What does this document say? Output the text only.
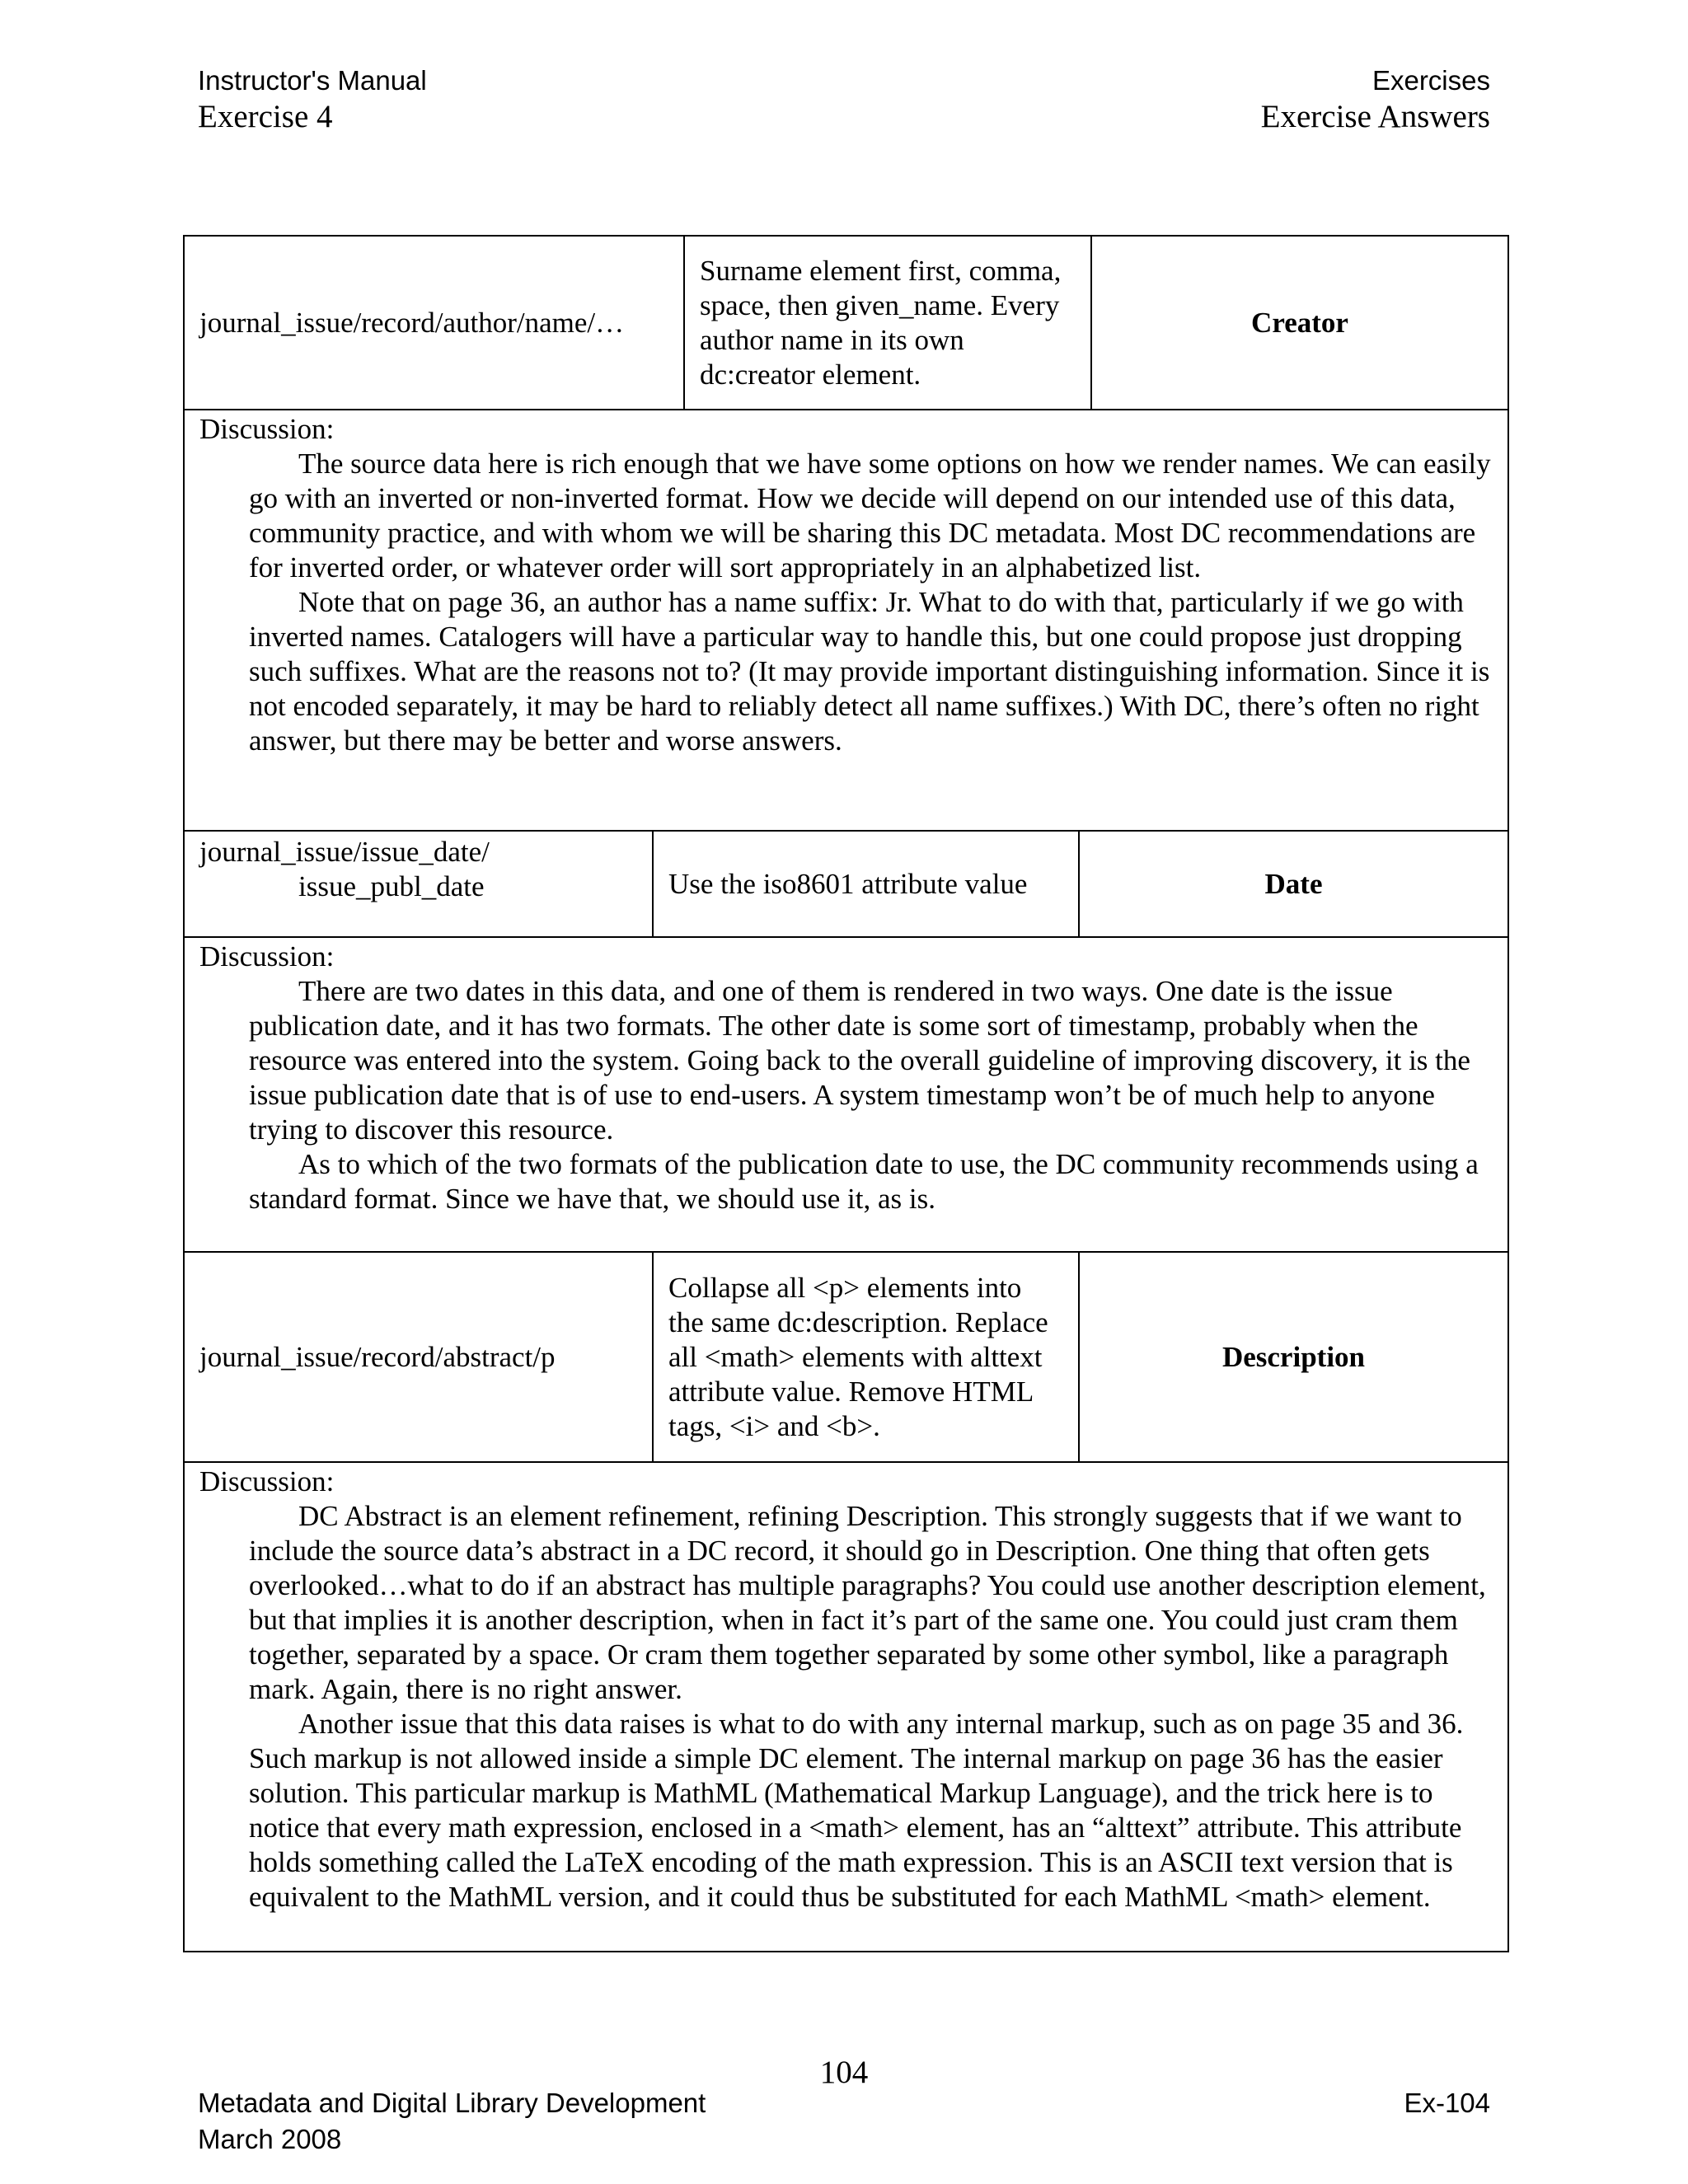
Instructor's Manual
Exercise 4
Exercises
Exercise Answers
journal_issue/record/author/name/…
Surname element first, comma, space, then given_name. Every author name in its own dc:creator element.
Creator
Discussion:

The source data here is rich enough that we have some options on how we render names. We can easily go with an inverted or non-inverted format. How we decide will depend on our intended use of this data, community practice, and with whom we will be sharing this DC metadata. Most DC recommendations are for inverted order, or whatever order will sort appropriately in an alphabetized list.

Note that on page 36, an author has a name suffix: Jr. What to do with that, particularly if we go with inverted names. Catalogers will have a particular way to handle this, but one could propose just dropping such suffixes. What are the reasons not to? (It may provide important distinguishing information. Since it is not encoded separately, it may be hard to reliably detect all name suffixes.) With DC, there’s often no right answer, but there may be better and worse answers.

journal_issue/issue_date/
issue_publ_date	Use the iso8601 attribute value	Date
Discussion:

There are two dates in this data, and one of them is rendered in two ways. One date is the issue publication date, and it has two formats. The other date is some sort of timestamp, probably when the resource was entered into the system. Going back to the overall guideline of improving discovery, it is the issue publication date that is of use to end-users. A system timestamp won’t be of much help to anyone trying to discover this resource.

As to which of the two formats of the publication date to use, the DC community recommends using a standard format. Since we have that, we should use it, as is.

journal_issue/record/abstract/p
Collapse all <p> elements into the same dc:description. Replace all <math> elements with alttext attribute value. Remove HTML tags, <i> and <b>.
Description
Discussion:

DC Abstract is an element refinement, refining Description. This strongly suggests that if we want to include the source data’s abstract in a DC record, it should go in Description. One thing that often gets overlooked…what to do if an abstract has multiple paragraphs? You could use another description element, but that implies it is another description, when in fact it’s part of the same one. You could just cram them together, separated by a space. Or cram them together separated by some other symbol, like a paragraph mark. Again, there is no right answer.

Another issue that this data raises is what to do with any internal markup, such as on page 35 and 36. Such markup is not allowed inside a simple DC element. The internal markup on page 36 has the easier solution. This particular markup is MathML (Mathematical Markup Language), and the trick here is to notice that every math expression, enclosed in a <math> element, has an “alttext” attribute. This attribute holds something called the LaTeX encoding of the math expression. This is an ASCII text version that is equivalent to the MathML version, and it could thus be substituted for each MathML <math> element.

104
Metadata and Digital Library Development
March 2008
Ex-104
